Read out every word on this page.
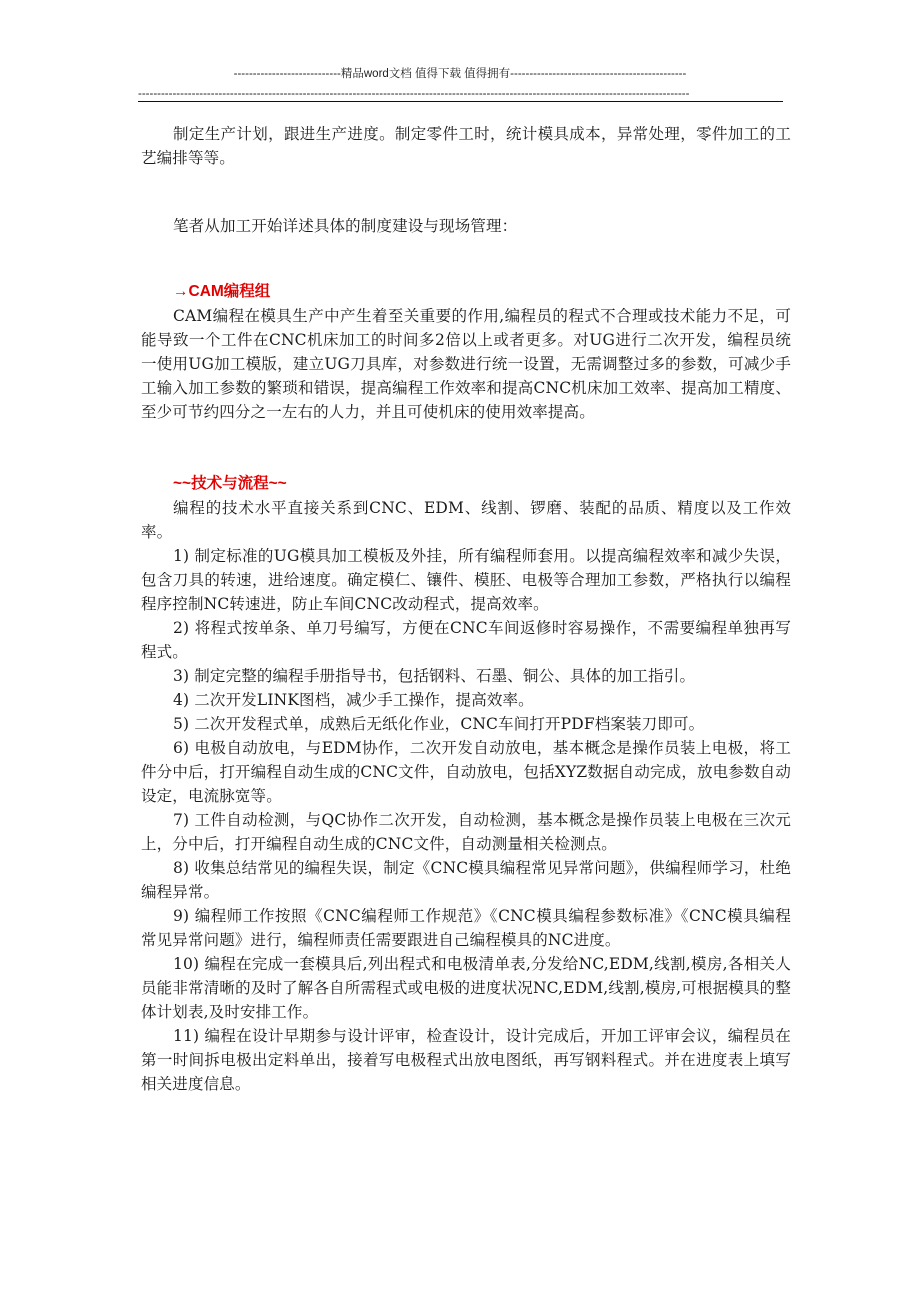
----------------------------精品word文档 值得下载 值得拥有----------------------------------------------
------------------------------------------------------------------------------------------------------------------------------------------------

制定生产计划，跟进生产进度。制定零件工时，统计模具成本，异常处理，零件加工的工艺编排等等。

笔者从加工开始详述具体的制度建设与现场管理：

→CAM编程组

CAM编程在模具生产中产生着至关重要的作用,编程员的程式不合理或技术能力不足，可能导致一个工件在CNC机床加工的时间多2倍以上或者更多。对UG进行二次开发，编程员统一使用UG加工模版，建立UG刀具库，对参数进行统一设置，无需调整过多的参数，可减少手工输入加工参数的繁琐和错误，提高编程工作效率和提高CNC机床加工效率、提高加工精度、至少可节约四分之一左右的人力，并且可使机床的使用效率提高。

~~技术与流程~~

编程的技术水平直接关系到CNC、EDM、线割、锣磨、装配的品质、精度以及工作效率。

1) 制定标准的UG模具加工模板及外挂，所有编程师套用。以提高编程效率和减少失误，包含刀具的转速，进给速度。确定模仁、镶件、模胚、电极等合理加工参数，严格执行以编程程序控制NC转速进，防止车间CNC改动程式，提高效率。

2) 将程式按单条、单刀号编写，方便在CNC车间返修时容易操作，不需要编程单独再写程式。

3) 制定完整的编程手册指导书，包括钢料、石墨、铜公、具体的加工指引。

4) 二次开发LINK图档，减少手工操作，提高效率。

5) 二次开发程式单，成熟后无纸化作业，CNC车间打开PDF档案装刀即可。

6) 电极自动放电，与EDM协作，二次开发自动放电，基本概念是操作员装上电极，将工件分中后，打开编程自动生成的CNC文件，自动放电，包括XYZ数据自动完成，放电参数自动设定，电流脉宽等。

7) 工件自动检测，与QC协作二次开发，自动检测，基本概念是操作员装上电极在三次元上，分中后，打开编程自动生成的CNC文件，自动测量相关检测点。

8) 收集总结常见的编程失误，制定《CNC模具编程常见异常问题》，供编程师学习，杜绝编程异常。

9) 编程师工作按照《CNC编程师工作规范》《CNC模具编程参数标准》《CNC模具编程常见异常问题》进行，编程师责任需要跟进自己编程模具的NC进度。

10) 编程在完成一套模具后,列出程式和电极清单表,分发给NC,EDM,线割,模房,各相关人员能非常清晰的及时了解各自所需程式或电极的进度状况NC,EDM,线割,模房,可根据模具的整体计划表,及时安排工作。

11) 编程在设计早期参与设计评审，检查设计，设计完成后，开加工评审会议，编程员在第一时间拆电极出定料单出，接着写电极程式出放电图纸，再写钢料程式。并在进度表上填写相关进度信息。
